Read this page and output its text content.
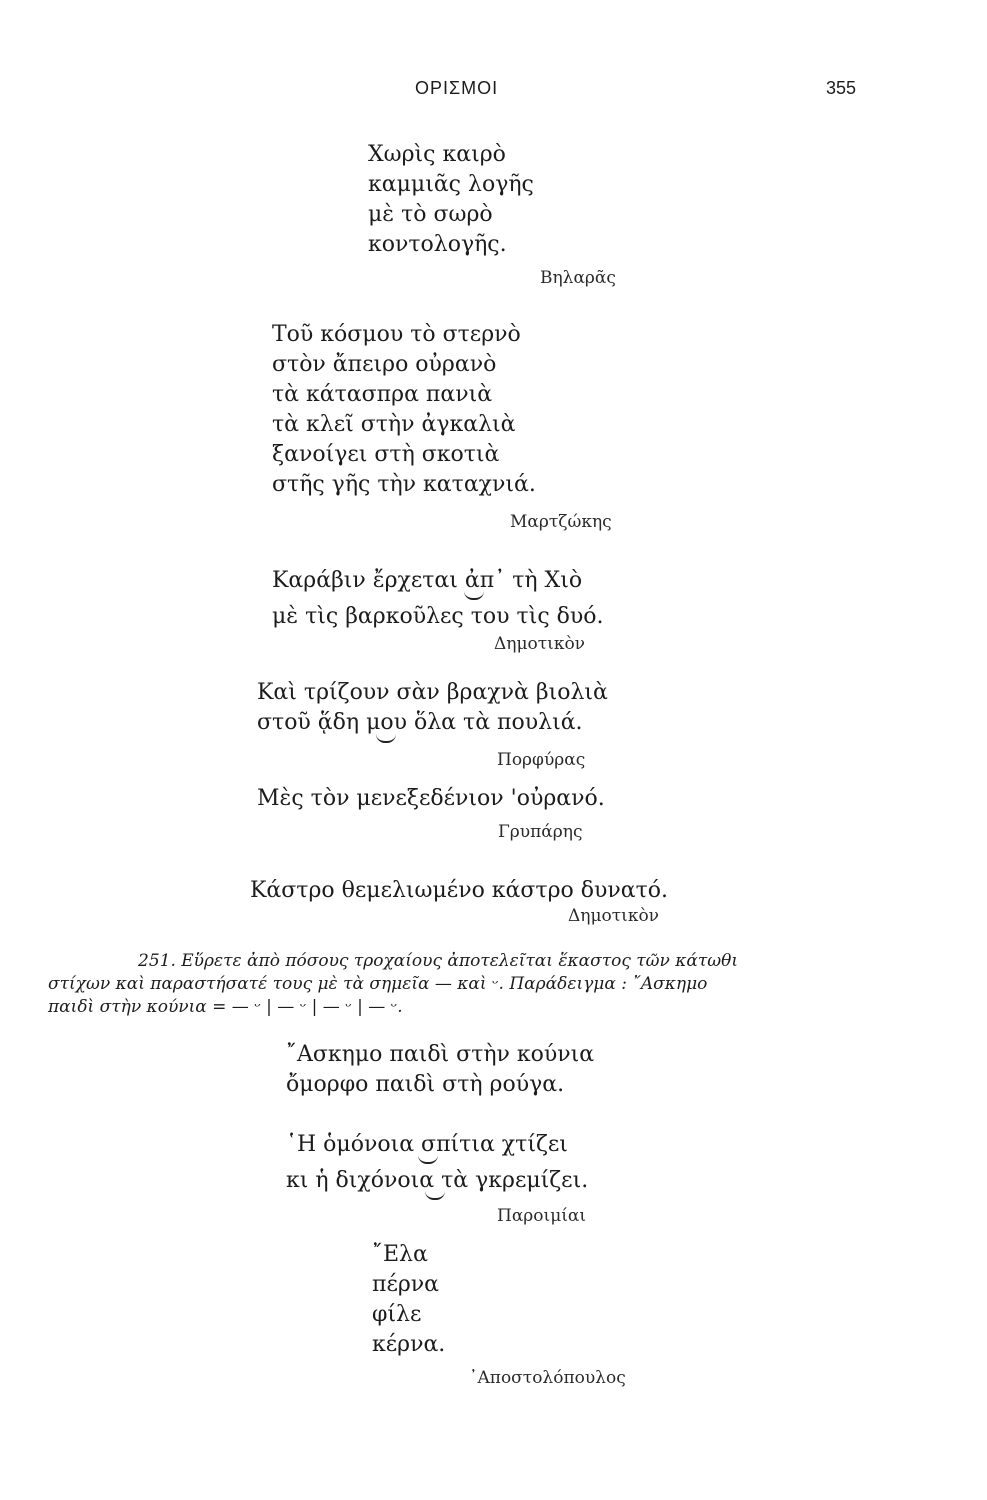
ΟΡΙΣΜΟΙ	355
Χωρὶς καιρὸ
καμμιᾶς λογῆς
μὲ τὸ σωρὸ
κοντολογῆς.
Βηλαρᾶς
Τοῦ κόσμου τὸ στερνὸ
στὸν ἄπειρο οὐρανὸ
τὰ κάτασπρα πανιὰ
τὰ κλεῖ στὴν ἀγκαλιὰ
ξανοίγει στὴ σκοτιὰ
στῆς γῆς τὴν καταχνιά.
Μαρτζώκης
Καράβιν ἔρχεται ἀπ᾿ τὴ Χιὸ
μὲ τὶς βαρκοῦλες του τὶς δυό.
Δημοτικὸν
Καὶ τρίζουν σὰν βραχνὰ βιολιὰ
στοῦ ᾅδη μου ὅλα τὰ πουλιά.
Πορφύρας
Μὲς τὸν μενεξεδένιον 'οὐρανό.
Γρυπάρης
Κάστρο θεμελιωμένο κάστρο δυνατό.
Δημοτικὸν
251. Εὕρετε ἀπὸ πόσους τροχαίους ἀποτελεῖται ἕκαστος τῶν κάτωθι
στίχων καὶ παραστήσατέ τους μὲ τὰ σημεῖα — καὶ ᵕ. Παράδειγμα : ῎Ασκημο
παιδὶ στὴν κούνια = — ᵕ | — ᵕ | — ᵕ | — ᵕ.
῎Ασκημο παιδὶ στὴν κούνια
ὄμορφο παιδὶ στὴ ρούγα.
῾Η ὁμόνοια σπίτια χτίζει
κι ἡ διχόνοια τὰ γκρεμίζει.
Παροιμίαι
῎Ελα
πέρνα
φίλε
κέρνα.
᾿Αποστολόπουλος
